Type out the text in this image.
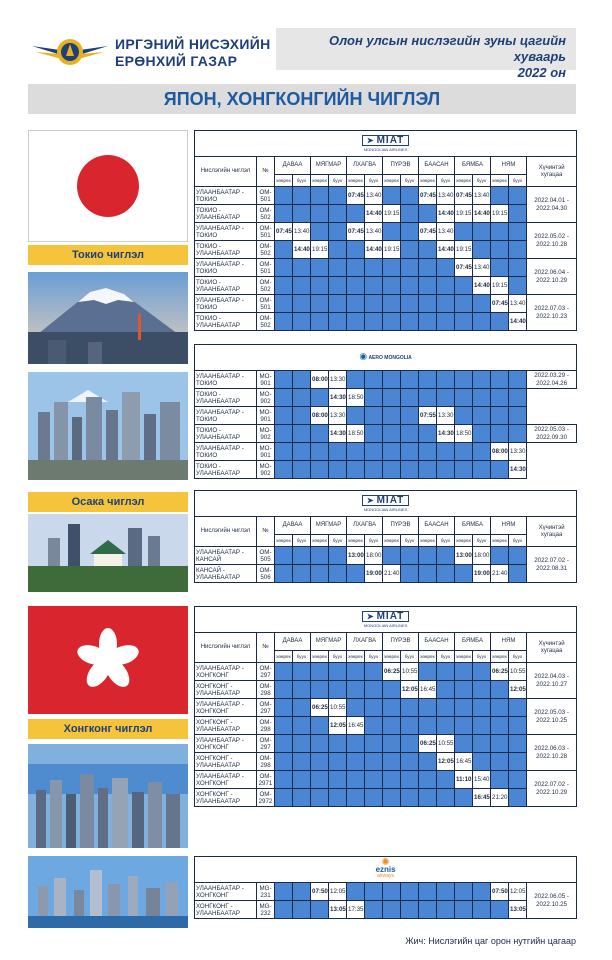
ИРГЭНИЙ НИСЭХИЙН
ЕРӨНХИЙ ГАЗАР
Олон улсын нислэгийн зуны цагийн хуваарь
2022 он
ЯПОН, ХОНГКОНГИЙН ЧИГЛЭЛ
Токио чиглэл
Осака чиглэл
Хонгконг чиглэл
➤ MIAT
MONGOLIAN AIRLINES																

Нислэгийн чиглэл	№	ДАВАА		МЯГМАР		ЛХАГВА		ПҮРЭВ		БААСАН		БЯМБА		НЯМ		Хүчинтэй хугацаа
		хөөрөх	буух	хөөрөх	буух	хөөрөх	буух	хөөрөх	буух	хөөрөх	буух	хөөрөх	буух	хөөрөх	буух	
УЛААНБААТАР - ТОКИО	OM-501					07:45	13:40			07:45	13:40	07:45	13:40			2022.04.01 - 2022.04.30
ТОКИО - УЛААНБААТАР	OM-502						14:40	19:15			14:40	19:15	14:40	19:15		
УЛААНБААТАР - ТОКИО	OM-501	07:45	13:40			07:45	13:40			07:45	13:40					2022.05.02 - 2022.10.28
ТОКИО - УЛААНБААТАР	OM-502		14:40	19:15			14:40	19:15			14:40	19:15				
УЛААНБААТАР - ТОКИО	OM-501											07:45	13:40			2022.06.04 - 2022.10.29
ТОКИО - УЛААНБААТАР	OM-502												14:40	19:15		
УЛААНБААТАР - ТОКИО	OM-501													07:45	13:40	2022.07.03 - 2022.10.23
ТОКИО - УЛААНБААТАР	OM-502														14:40	
◉ AERO MONGOLIA																
УЛААНБААТАР - ТОКИО	MO-901			08:00	13:30											2022.03.29 - 2022.04.26
ТОКИО - УЛААНБААТАР	MO-902				14:30	18:50										
УЛААНБААТАР - ТОКИО	MO-901			08:00	13:30					07:55	13:30					
ТОКИО - УЛААНБААТАР	MO-902				14:30	18:50					14:30	18:50				2022.05.03 - 2022.09.30
УЛААНБААТАР - ТОКИО	MO-901													08:00	13:30	
ТОКИО - УЛААНБААТАР	MO-902														14:30	
➤ MIAT
MONGOLIAN AIRLINES																

Нислэгийн чиглэл	№	ДАВАА		МЯГМАР		ЛХАГВА		ПҮРЭВ		БААСАН		БЯМБА		НЯМ		Хүчинтэй хугацаа
		хөөрөх	буух	хөөрөх	буух	хөөрөх	буух	хөөрөх	буух	хөөрөх	буух	хөөрөх	буух	хөөрөх	буух	
УЛААНБААТАР - КАНСАЙ	OM-505					13:00	18:00					13:00	18:00			2022.07.02 - 2022.08.31
КАНСАЙ - УЛААНБААТАР	OM-506						19:00	21:40					19:00	21:40		
➤ MIAT
MONGOLIAN AIRLINES																

Нислэгийн чиглэл	№	ДАВАА		МЯГМАР		ЛХАГВА		ПҮРЭВ		БААСАН		БЯМБА		НЯМ		Хүчинтэй хугацаа
		хөөрөх	буух	хөөрөх	буух	хөөрөх	буух	хөөрөх	буух	хөөрөх	буух	хөөрөх	буух	хөөрөх	буух	
УЛААНБААТАР - ХОНГКОНГ	OM-297							06:25	10:55					06:25	10:55	2022.04.03 - 2022.10.27
ХОНГКОНГ - УЛААНБААТАР	OM-298								12:05	16:45					12:05	
УЛААНБААТАР - ХОНГКОНГ	OM-297			06:25	10:55											2022.05.03 - 2022.10.25
ХОНГКОНГ - УЛААНБААТАР	OM-298				12:05	16:45										
УЛААНБААТАР - ХОНГКОНГ	OM-297									06:25	10:55					2022.06.03 - 2022.10.28
ХОНГКОНГ - УЛААНБААТАР	OM-298										12:05	16:45				
УЛААНБААТАР - ХОНГКОНГ	OM-2971											11:10	15:40			2022.07.02 - 2022.10.29
ХОНГКОНГ - УЛААНБААТАР	OM-2972												16:45	21:20		
✺
eznis
airways																

УЛААНБААТАР - ХОНГКОНГ	MG-231			07:50	12:05									07:50	12:05	2022.06.05 - 2022.10.25
ХОНГКОНГ - УЛААНБААТАР	MG-232				13:05	17:35									13:05	
Жич: Нислэгийн цаг орон нутгийн цагаар
